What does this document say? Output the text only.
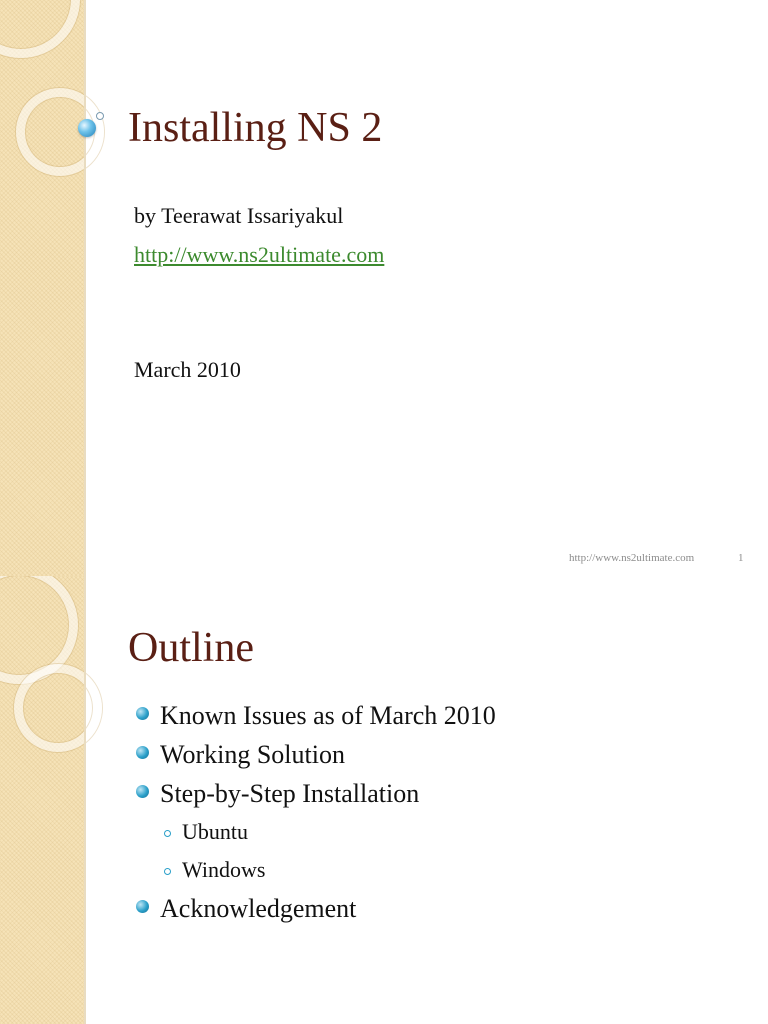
Installing NS 2
by Teerawat Issariyakul
http://www.ns2ultimate.com
March 2010
http://www.ns2ultimate.com	1
Outline
Known Issues as of March 2010
Working Solution
Step-by-Step Installation
Ubuntu
Windows
Acknowledgement
